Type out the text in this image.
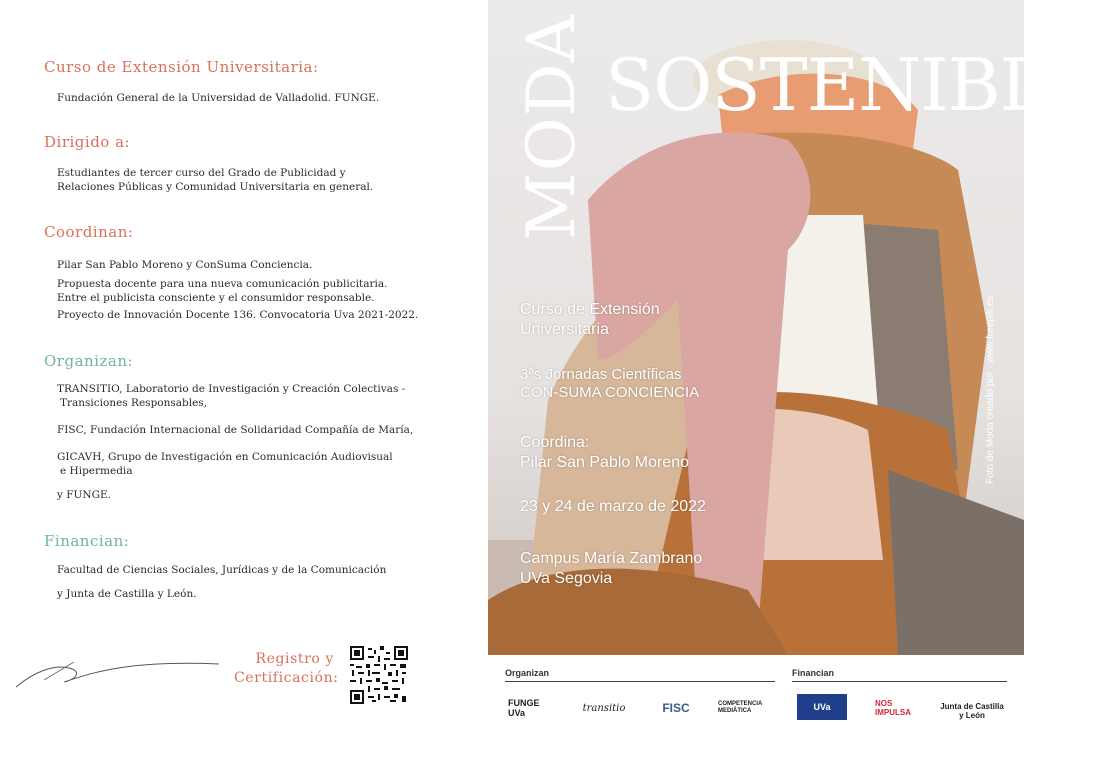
Curso de Extensión Universitaria:
Fundación General de la Universidad de Valladolid. FUNGE.
Dirigido a:
Estudiantes de tercer curso del Grado de Publicidad y
Relaciones Públicas y Comunidad Universitaria en general.
Coordinan:
Pilar San Pablo Moreno y ConSuma Conciencia.
Propuesta docente para una nueva comunicación publicitaria.
Entre el publicista consciente y el consumidor responsable.
Proyecto de Innovación Docente 136. Convocatoria Uva 2021-2022.
Organizan:
TRANSITIO, Laboratorio de Investigación y Creación Colectivas -
Transiciones Responsables,
FISC, Fundación Internacional de Solidaridad Compañía de María,
GICAVH, Grupo de Investigación en Comunicación Audiovisual
e Hipermedia
y FUNGE.
Financian:
Facultad de Ciencias Sociales, Jurídicas y de la Comunicación
y Junta de Castilla y León.
Registro y
Certificación:
MODA SOSTENIBLE
Curso de Extensión
Universitaria
3ªs Jornadas Científicas
CON-SUMA CONCIENCIA
Coordina:
Pilar San Pablo Moreno
23 y 24 de marzo de 2022
Campus María Zambrano
UVa Segovia
Foto de Moda creado por - www.freepik.es
Organizan	Financian
FUNGE UVa	transitio	FISC	COMPETENCIA MEDIÁTICA	UVa	NOS IMPULSA
Junta de Castilla y León
